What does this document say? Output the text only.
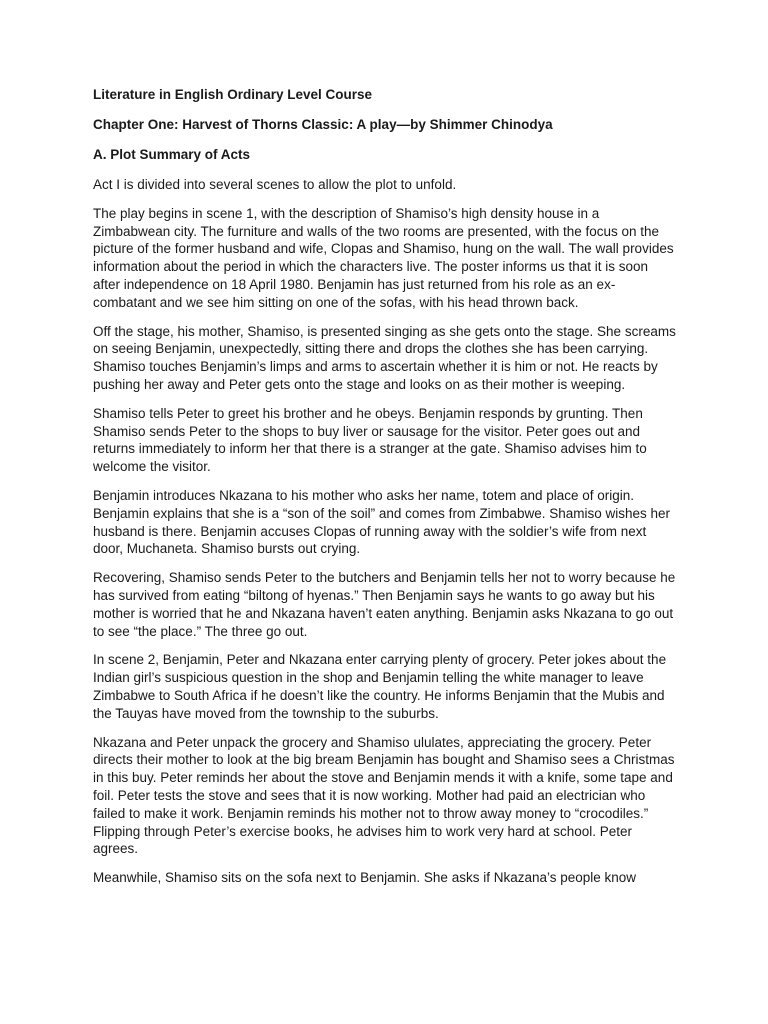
Literature in English Ordinary Level Course
Chapter One: Harvest of Thorns Classic: A play—by Shimmer Chinodya
A. Plot Summary of Acts

Act I is divided into several scenes to allow the plot to unfold.

The play begins in scene 1, with the description of Shamiso’s high density house in a Zimbabwean city. The furniture and walls of the two rooms are presented, with the focus on the picture of the former husband and wife, Clopas and Shamiso, hung on the wall. The wall provides information about the period in which the characters live. The poster informs us that it is soon after independence on 18 April 1980. Benjamin has just returned from his role as an ex-combatant and we see him sitting on one of the sofas, with his head thrown back.

Off the stage, his mother, Shamiso, is presented singing as she gets onto the stage. She screams on seeing Benjamin, unexpectedly, sitting there and drops the clothes she has been carrying. Shamiso touches Benjamin’s limps and arms to ascertain whether it is him or not. He reacts by pushing her away and Peter gets onto the stage and looks on as their mother is weeping.

Shamiso tells Peter to greet his brother and he obeys. Benjamin responds by grunting. Then Shamiso sends Peter to the shops to buy liver or sausage for the visitor. Peter goes out and returns immediately to inform her that there is a stranger at the gate. Shamiso advises him to welcome the visitor.

Benjamin introduces Nkazana to his mother who asks her name, totem and place of origin. Benjamin explains that she is a “son of the soil” and comes from Zimbabwe. Shamiso wishes her husband is there. Benjamin accuses Clopas of running away with the soldier’s wife from next door, Muchaneta. Shamiso bursts out crying.

Recovering, Shamiso sends Peter to the butchers and Benjamin tells her not to worry because he has survived from eating “biltong of hyenas.” Then Benjamin says he wants to go away but his mother is worried that he and Nkazana haven’t eaten anything. Benjamin asks Nkazana to go out to see “the place.” The three go out.

In scene 2, Benjamin, Peter and Nkazana enter carrying plenty of grocery. Peter jokes about the Indian girl’s suspicious question in the shop and Benjamin telling the white manager to leave Zimbabwe to South Africa if he doesn’t like the country. He informs Benjamin that the Mubis and the Tauyas have moved from the township to the suburbs.

Nkazana and Peter unpack the grocery and Shamiso ululates, appreciating the grocery. Peter directs their mother to look at the big bream Benjamin has bought and Shamiso sees a Christmas in this buy. Peter reminds her about the stove and Benjamin mends it with a knife, some tape and foil. Peter tests the stove and sees that it is now working. Mother had paid an electrician who failed to make it work. Benjamin reminds his mother not to throw away money to “crocodiles.” Flipping through Peter’s exercise books, he advises him to work very hard at school. Peter agrees.

Meanwhile, Shamiso sits on the sofa next to Benjamin. She asks if Nkazana’s people know
